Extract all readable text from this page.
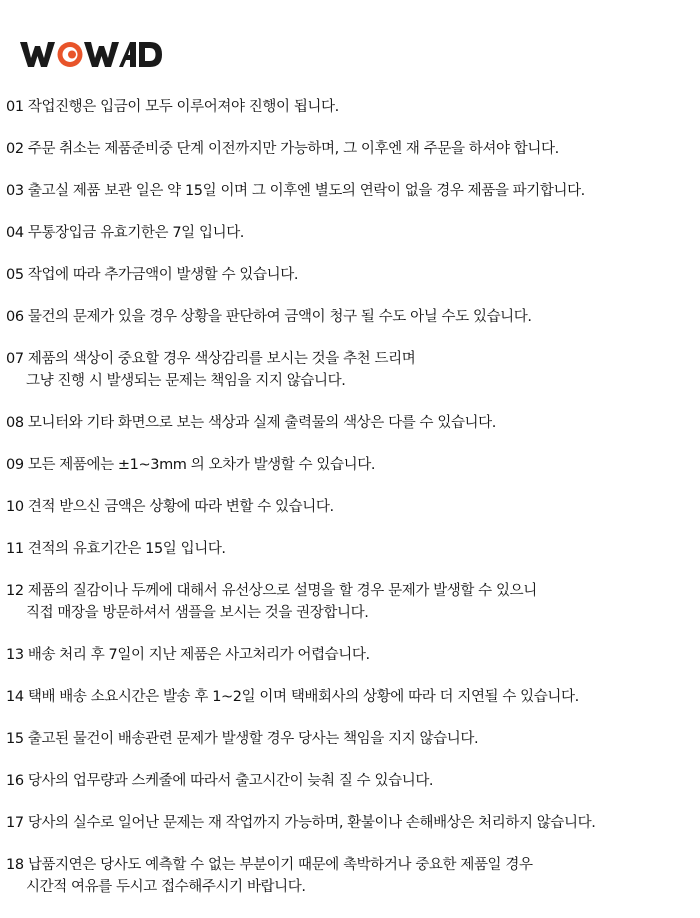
01 작업진행은 입금이 모두 이루어져야 진행이 됩니다.
02 주문 취소는 제품준비중 단계 이전까지만 가능하며, 그 이후엔 재 주문을 하셔야 합니다.
03 출고실 제품 보관 일은 약 15일 이며 그 이후엔 별도의 연락이 없을 경우 제품을 파기합니다.
04 무통장입금 유효기한은 7일 입니다.
05 작업에 따라 추가금액이 발생할 수 있습니다.
06 물건의 문제가 있을 경우 상황을 판단하여 금액이 청구 될 수도 아닐 수도 있습니다.
07 제품의 색상이 중요할 경우 색상감리를 보시는 것을 추천 드리며
그냥 진행 시 발생되는 문제는 책임을 지지 않습니다.
08 모니터와 기타 화면으로 보는 색상과 실제 출력물의 색상은 다를 수 있습니다.
09 모든 제품에는 ±1~3mm 의 오차가 발생할 수 있습니다.
10 견적 받으신 금액은 상황에 따라 변할 수 있습니다.
11 견적의 유효기간은 15일 입니다.
12 제품의 질감이나 두께에 대해서 유선상으로 설명을 할 경우 문제가 발생할 수 있으니
직접 매장을 방문하셔서 샘플을 보시는 것을 권장합니다.
13 배송 처리 후 7일이 지난 제품은 사고처리가 어렵습니다.
14 택배 배송 소요시간은 발송 후 1~2일 이며 택배회사의 상황에 따라 더 지연될 수 있습니다.
15 출고된 물건이 배송관련 문제가 발생할 경우 당사는 책임을 지지 않습니다.
16 당사의 업무량과 스케줄에 따라서 출고시간이 늦춰 질 수 있습니다.
17 당사의 실수로 일어난 문제는 재 작업까지 가능하며, 환불이나 손해배상은 처리하지 않습니다.
18 납품지연은 당사도 예측할 수 없는 부분이기 때문에 촉박하거나 중요한 제품일 경우
시간적 여유를 두시고 접수해주시기 바랍니다.
